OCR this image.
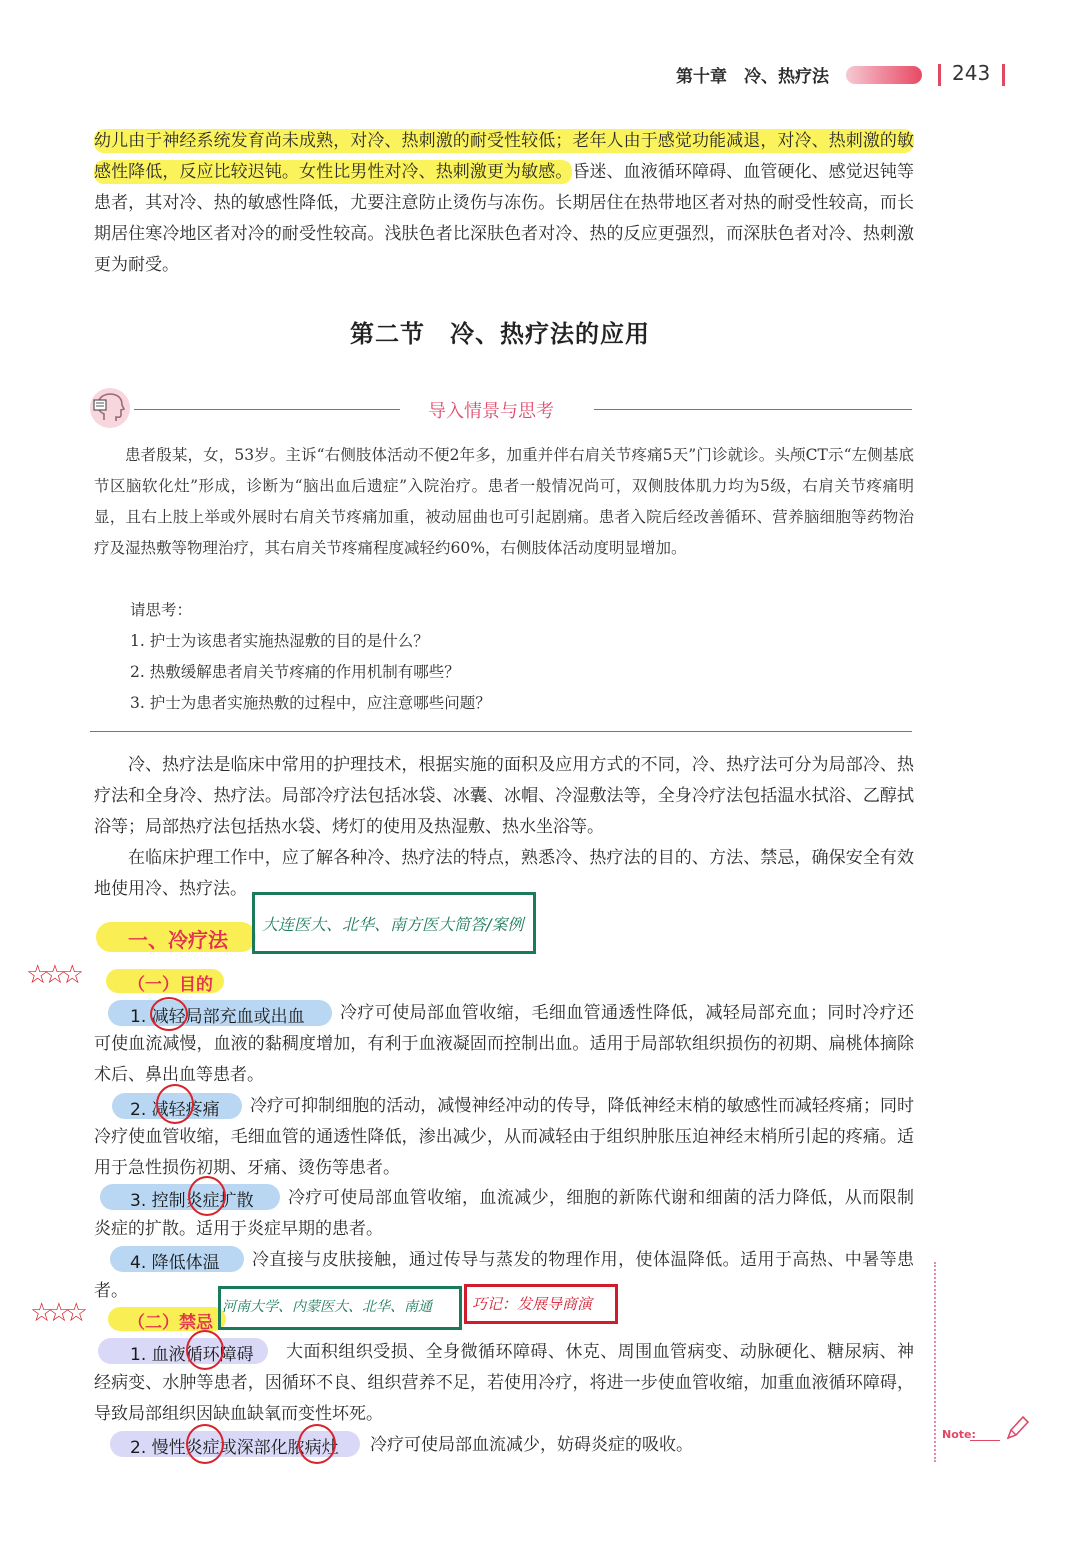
第十章　冷、热疗法	243
幼儿由于神经系统发育尚未成熟，对冷、热刺激的耐受性较低；老年人由于感觉功能减退，对冷、热刺激的敏感性降低，反应比较迟钝。女性比男性对冷、热刺激更为敏感。昏迷、血液循环障碍、血管硬化、感觉迟钝等患者，其对冷、热的敏感性降低，尤要注意防止烫伤与冻伤。长期居住在热带地区者对热的耐受性较高，而长期居住寒冷地区者对冷的耐受性较高。浅肤色者比深肤色者对冷、热的反应更强烈，而深肤色者对冷、热刺激更为耐受。
第二节　冷、热疗法的应用
导入情景与思考
患者殷某，女，53岁。主诉“右侧肢体活动不便2年多，加重并伴右肩关节疼痛5天”门诊就诊。头颅CT示“左侧基底节区脑软化灶”形成，诊断为“脑出血后遗症”入院治疗。患者一般情况尚可，双侧肢体肌力均为5级，右肩关节疼痛明显，且右上肢上举或外展时右肩关节疼痛加重，被动屈曲也可引起剧痛。患者入院后经改善循环、营养脑细胞等药物治疗及湿热敷等物理治疗，其右肩关节疼痛程度减轻约60%，右侧肢体活动度明显增加。
请思考：
1. 护士为该患者实施热湿敷的目的是什么？
2. 热敷缓解患者肩关节疼痛的作用机制有哪些？
3. 护士为患者实施热敷的过程中，应注意哪些问题？
冷、热疗法是临床中常用的护理技术，根据实施的面积及应用方式的不同，冷、热疗法可分为局部冷、热疗法和全身冷、热疗法。局部冷疗法包括冰袋、冰囊、冰帽、冷湿敷法等，全身冷疗法包括温水拭浴、乙醇拭浴等；局部热疗法包括热水袋、烤灯的使用及热湿敷、热水坐浴等。
在临床护理工作中，应了解各种冷、热疗法的特点，熟悉冷、热疗法的目的、方法、禁忌，确保安全有效地使用冷、热疗法。
一、冷疗法
大连医大、北华、南方医大简答/案例
☆☆☆	（一）目的
1. 减轻局部充血或出血	冷疗可使局部血管收缩，毛细血管通透性降低，减轻局部充血；同时冷疗还可使血流减慢，血液的黏稠度增加，有利于血液凝固而控制出血。适用于局部软组织损伤的初期、扁桃体摘除术后、鼻出血等患者。
2. 减轻疼痛	冷疗可抑制细胞的活动，减慢神经冲动的传导，降低神经末梢的敏感性而减轻疼痛；同时冷疗使血管收缩，毛细血管的通透性降低，渗出减少，从而减轻由于组织肿胀压迫神经末梢所引起的疼痛。适用于急性损伤初期、牙痛、烫伤等患者。
3. 控制炎症扩散	冷疗可使局部血管收缩，血流减少，细胞的新陈代谢和细菌的活力降低，从而限制炎症的扩散。适用于炎症早期的患者。
4. 降低体温	冷直接与皮肤接触，通过传导与蒸发的物理作用，使体温降低。适用于高热、中暑等患者。
☆☆☆	（二）禁忌
河南大学、内蒙医大、北华、南通	巧记：发展导商演
1. 血液循环障碍	大面积组织受损、全身微循环障碍、休克、周围血管病变、动脉硬化、糖尿病、神经病变、水肿等患者，因循环不良、组织营养不足，若使用冷疗，将进一步使血管收缩，加重血液循环障碍，导致局部组织因缺血缺氧而变性坏死。
2. 慢性炎症或深部化脓病灶	冷疗可使局部血流减少，妨碍炎症的吸收。
Note:
